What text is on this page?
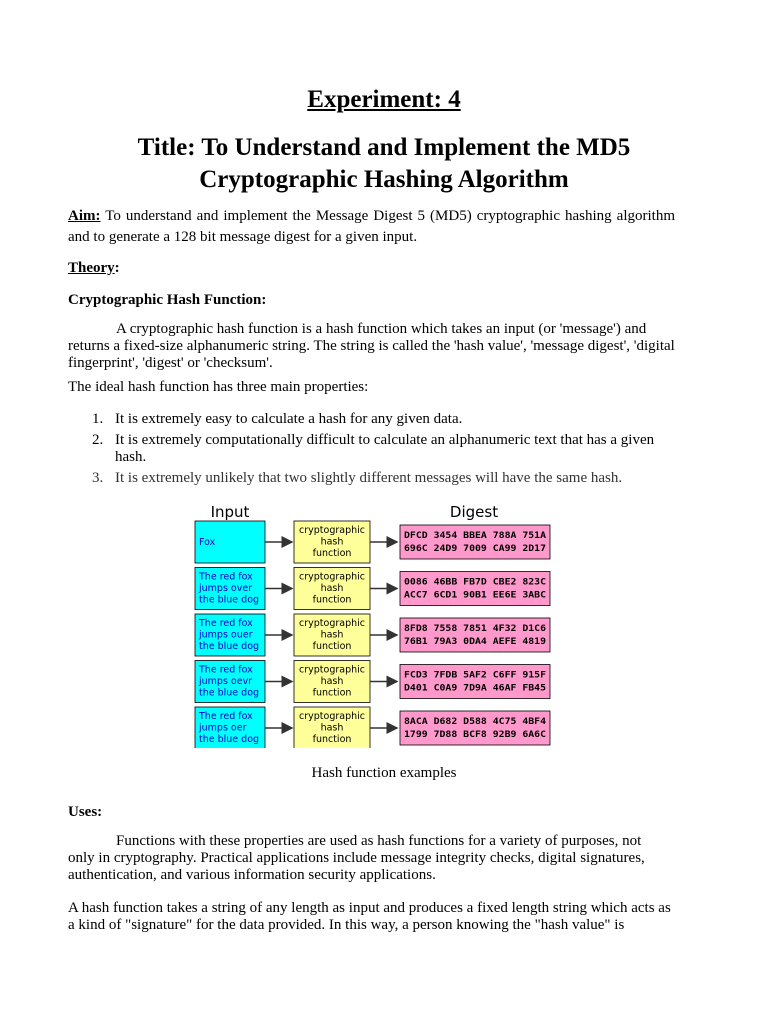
Experiment: 4
Title: To Understand and Implement the MD5
Cryptographic Hashing Algorithm

Aim: To understand and implement the Message Digest 5 (MD5) cryptographic hashing algorithm and to generate a 128 bit message digest for a given input.

Theory:

Cryptographic Hash Function:

A cryptographic hash function is a hash function which takes an input (or 'message') and returns a fixed-size alphanumeric string. The string is called the 'hash value', 'message digest', 'digital fingerprint', 'digest' or 'checksum'.

The ideal hash function has three main properties:

1. It is extremely easy to calculate a hash for any given data.
2. It is extremely computationally difficult to calculate an alphanumeric text that has a given hash.
3. It is extremely unlikely that two slightly different messages will have the same hash.
Input	Digest
Fox
cryptographic
hash
function
DFCD 3454 BBEA 788A 751A
696C 24D9 7009 CA99 2D17
The red fox
jumps over
the blue dog
cryptographic
hash
function
0086 46BB FB7D CBE2 823C
ACC7 6CD1 90B1 EE6E 3ABC
The red fox
jumps ouer
the blue dog
cryptographic
hash
function
8FD8 7558 7851 4F32 D1C6
76B1 79A3 0DA4 AEFE 4819
The red fox
jumps oevr
the blue dog
cryptographic
hash
function
FCD3 7FDB 5AF2 C6FF 915F
D401 C0A9 7D9A 46AF FB45
The red fox
jumps oer
the blue dog
cryptographic
hash
function
8ACA D682 D588 4C75 4BF4
1799 7D88 BCF8 92B9 6A6C
Hash function examples

Uses:

Functions with these properties are used as hash functions for a variety of purposes, not only in cryptography. Practical applications include message integrity checks, digital signatures, authentication, and various information security applications.

A hash function takes a string of any length as input and produces a fixed length string which acts as a kind of "signature" for the data provided. In this way, a person knowing the "hash value" is
